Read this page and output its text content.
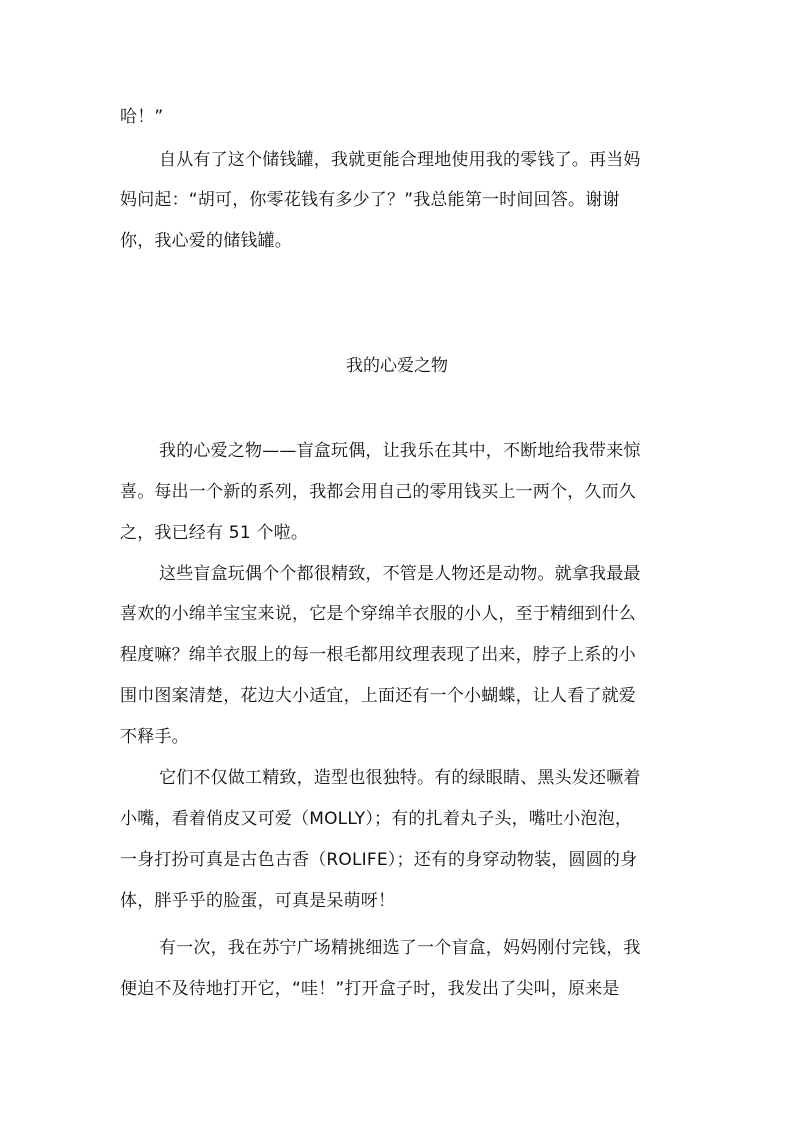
哈！”
自从有了这个储钱罐，我就更能合理地使用我的零钱了。再当妈
妈问起：“胡可，你零花钱有多少了？”我总能第一时间回答。谢谢
你，我心爱的储钱罐。
我的心爱之物
我的心爱之物——盲盒玩偶，让我乐在其中，不断地给我带来惊
喜。每出一个新的系列，我都会用自己的零用钱买上一两个，久而久
之，我已经有 51 个啦。
这些盲盒玩偶个个都很精致，不管是人物还是动物。就拿我最最
喜欢的小绵羊宝宝来说，它是个穿绵羊衣服的小人，至于精细到什么
程度嘛？绵羊衣服上的每一根毛都用纹理表现了出来，脖子上系的小
围巾图案清楚，花边大小适宜，上面还有一个小蝴蝶，让人看了就爱
不释手。
它们不仅做工精致，造型也很独特。有的绿眼睛、黑头发还噘着
小嘴，看着俏皮又可爱（MOLLY）；有的扎着丸子头，嘴吐小泡泡，
一身打扮可真是古色古香（ROLIFE）；还有的身穿动物装，圆圆的身
体，胖乎乎的脸蛋，可真是呆萌呀！
有一次，我在苏宁广场精挑细选了一个盲盒，妈妈刚付完钱，我
便迫不及待地打开它，“哇！”打开盒子时，我发出了尖叫，原来是
